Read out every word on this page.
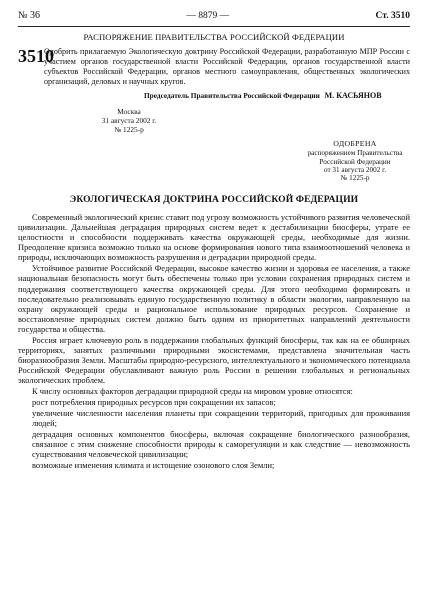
№ 36	— 8879 —	Ст. 3510
РАСПОРЯЖЕНИЕ ПРАВИТЕЛЬСТВА РОССИЙСКОЙ ФЕДЕРАЦИИ
3510
Одобрить прилагаемую Экологическую доктрину Российской Федерации, разработанную МПР России с участием органов государственной власти Российской Федерации, органов государственной власти субъектов Российской Федерации, органов местного самоуправления, общественных экологических организаций, деловых и научных кругов.
Председатель Правительства Российской Федерации М. КАСЬЯНОВ
Москва
31 августа 2002 г.
№ 1225-р
ОДОБРЕНА
распоряжением Правительства
Российской Федерации
от 31 августа 2002 г.
№ 1225-р
ЭКОЛОГИЧЕСКАЯ ДОКТРИНА РОССИЙСКОЙ ФЕДЕРАЦИИ

Современный экологический кризис ставит под угрозу возможность устойчивого развития человеческой цивилизации. Дальнейшая деградация природных систем ведет к дестабилизации биосферы, утрате ее целостности и способности поддерживать качества окружающей среды, необходимые для жизни. Преодоление кризиса возможно только на основе формирования нового типа взаимоотношений человека и природы, исключающих возможность разрушения и деградации природной среды.

Устойчивое развитие Российской Федерации, высокое качество жизни и здоровья ее населения, а также национальная безопасность могут быть обеспечены только при условии сохранения природных систем и поддержания соответствующего качества окружающей среды. Для этого необходимо формировать и последовательно реализовывать единую государственную политику в области экологии, направленную на охрану окружающей среды и рациональное использование природных ресурсов. Сохранение и восстановление природных систем должно быть одним из приоритетных направлений деятельности государства и общества.

Россия играет ключевую роль в поддержании глобальных функций биосферы, так как на ее обширных территориях, занятых различными природными экосистемами, представлена значительная часть биоразнообразия Земли. Масштабы природно-ресурсного, интеллектуального и экономического потенциала Российской Федерации обуславливают важную роль России в решении глобальных и региональных экологических проблем.

К числу основных факторов деградации природной среды на мировом уровне относятся:

рост потребления природных ресурсов при сокращении их запасов;

увеличение численности населения планеты при сокращении территорий, пригодных для проживания людей;

деградация основных компонентов биосферы, включая сокращение биологического разнообразия, связанное с этим снижение способности природы к саморегуляции и как следствие — невозможность существования человеческой цивилизации;

возможные изменения климата и истощение озонового слоя Земли;
